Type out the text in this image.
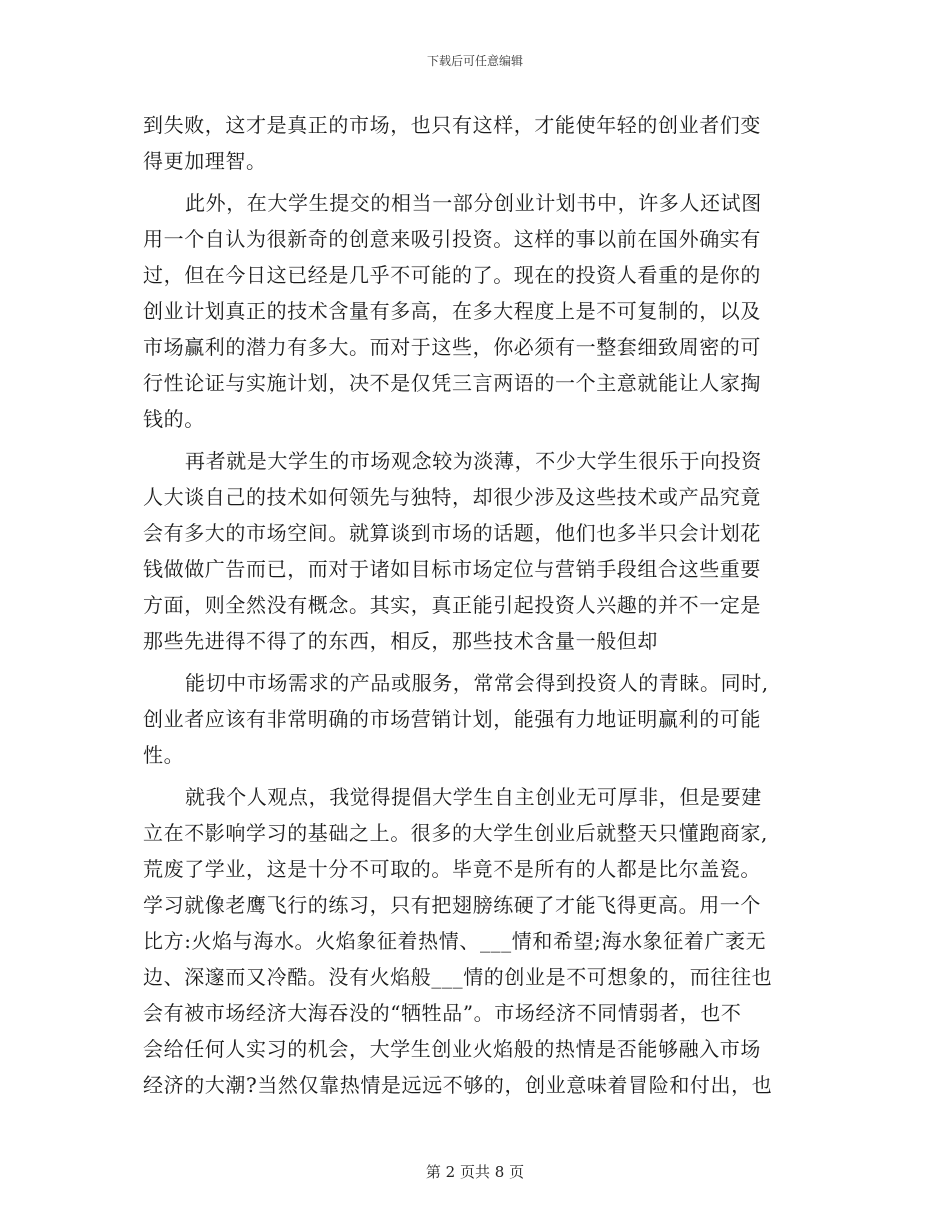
下载后可任意编辑
到失败，这才是真正的市场，也只有这样，才能使年轻的创业者们变
得更加理智。
此外，在大学生提交的相当一部分创业计划书中，许多人还试图
用一个自认为很新奇的创意来吸引投资。这样的事以前在国外确实有
过，但在今日这已经是几乎不可能的了。现在的投资人看重的是你的
创业计划真正的技术含量有多高，在多大程度上是不可复制的，以及
市场赢利的潜力有多大。而对于这些，你必须有一整套细致周密的可
行性论证与实施计划，决不是仅凭三言两语的一个主意就能让人家掏
钱的。
再者就是大学生的市场观念较为淡薄，不少大学生很乐于向投资
人大谈自己的技术如何领先与独特，却很少涉及这些技术或产品究竟
会有多大的市场空间。就算谈到市场的话题，他们也多半只会计划花
钱做做广告而已，而对于诸如目标市场定位与营销手段组合这些重要
方面，则全然没有概念。其实，真正能引起投资人兴趣的并不一定是
那些先进得不得了的东西，相反，那些技术含量一般但却
能切中市场需求的产品或服务，常常会得到投资人的青睐。同时,
创业者应该有非常明确的市场营销计划，能强有力地证明赢利的可能
性。
就我个人观点，我觉得提倡大学生自主创业无可厚非，但是要建
立在不影响学习的基础之上。很多的大学生创业后就整天只懂跑商家,
荒废了学业，这是十分不可取的。毕竟不是所有的人都是比尔盖瓷。
学习就像老鹰飞行的练习，只有把翅膀练硬了才能飞得更高。用一个
比方:火焰与海水。火焰象征着热情、___情和希望;海水象征着广袤无
边、深邃而又冷酷。没有火焰般___情的创业是不可想象的，而往往也
会有被市场经济大海吞没的“牺牲品”。市场经济不同情弱者，也不
会给任何人实习的机会，大学生创业火焰般的热情是否能够融入市场
经济的大潮?当然仅靠热情是远远不够的，创业意味着冒险和付出，也
第 2 页共 8 页
